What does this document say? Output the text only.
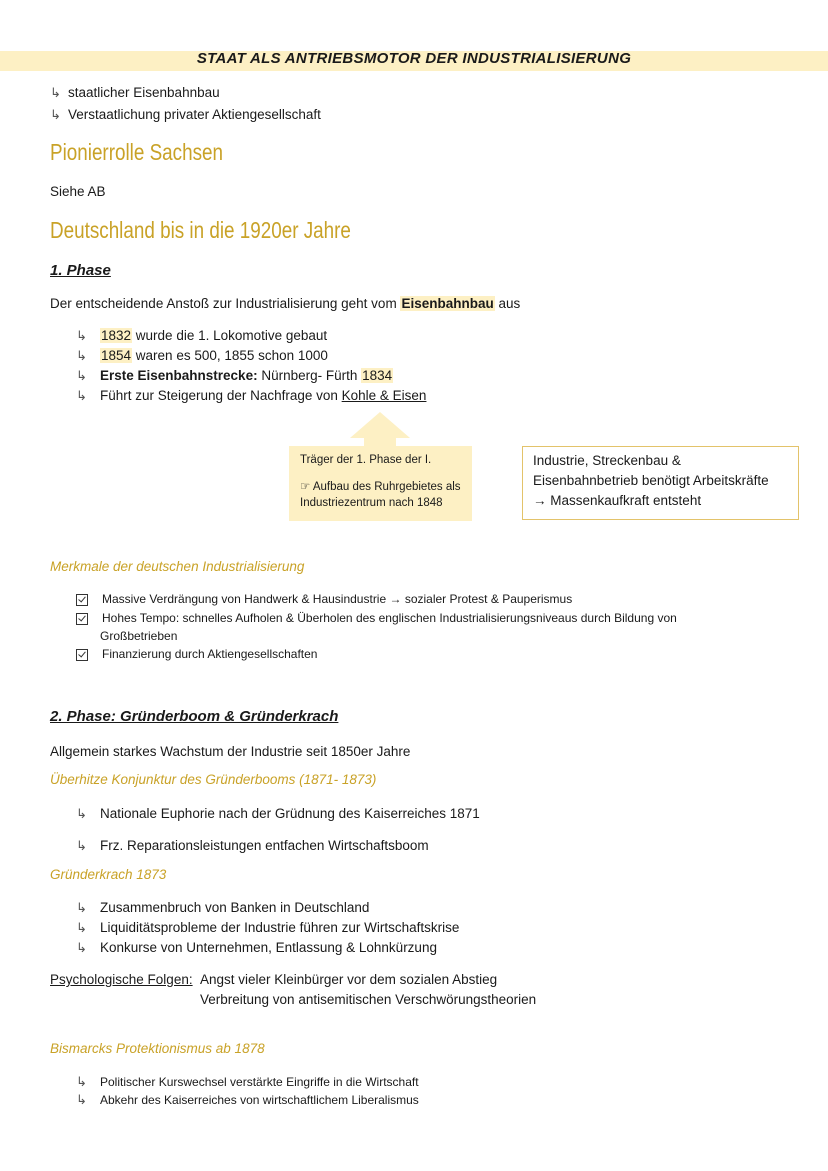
STAAT ALS ANTRIEBSMOTOR DER INDUSTRIALISIERUNG
↳ staatlicher Eisenbahnbau
↳ Verstaatlichung privater Aktiengesellschaft
Pionierrolle Sachsen
Siehe AB
Deutschland bis in die 1920er Jahre
1. Phase
Der entscheidende Anstoß zur Industrialisierung geht vom Eisenbahnbau aus
↳ 1832 wurde die 1. Lokomotive gebaut
↳ 1854 waren es 500, 1855 schon 1000
↳ Erste Eisenbahnstrecke: Nürnberg- Fürth 1834
↳ Führt zur Steigerung der Nachfrage von Kohle & Eisen
Träger der 1. Phase der I.
☞ Aufbau des Ruhrgebietes als
Industriezentrum nach 1848
Industrie, Streckenbau &
Eisenbahnbetrieb benötigt Arbeitskräfte
→ Massenkaufkraft entsteht
Merkmale der deutschen Industrialisierung
Massive Verdrängung von Handwerk & Hausindustrie → sozialer Protest & Pauperismus
Hohes Tempo: schnelles Aufholen & Überholen des englischen Industrialisierungsniveaus durch Bildung von
Großbetrieben
Finanzierung durch Aktiengesellschaften
2. Phase: Gründerboom & Gründerkrach
Allgemein starkes Wachstum der Industrie seit 1850er Jahre
Überhitze Konjunktur des Gründerbooms (1871- 1873)
↳ Nationale Euphorie nach der Grüdnung des Kaiserreiches 1871
↳ Frz. Reparationsleistungen entfachen Wirtschaftsboom
Gründerkrach 1873
↳ Zusammenbruch von Banken in Deutschland
↳ Liquiditätsprobleme der Industrie führen zur Wirtschaftskrise
↳ Konkurse von Unternehmen, Entlassung & Lohnkürzung
Psychologische Folgen: Angst vieler Kleinbürger vor dem sozialen Abstieg
Verbreitung von antisemitischen Verschwörungstheorien
Bismarcks Protektionismus ab 1878
↳ Politischer Kurswechsel verstärkte Eingriffe in die Wirtschaft
↳ Abkehr des Kaiserreiches von wirtschaftlichem Liberalismus
